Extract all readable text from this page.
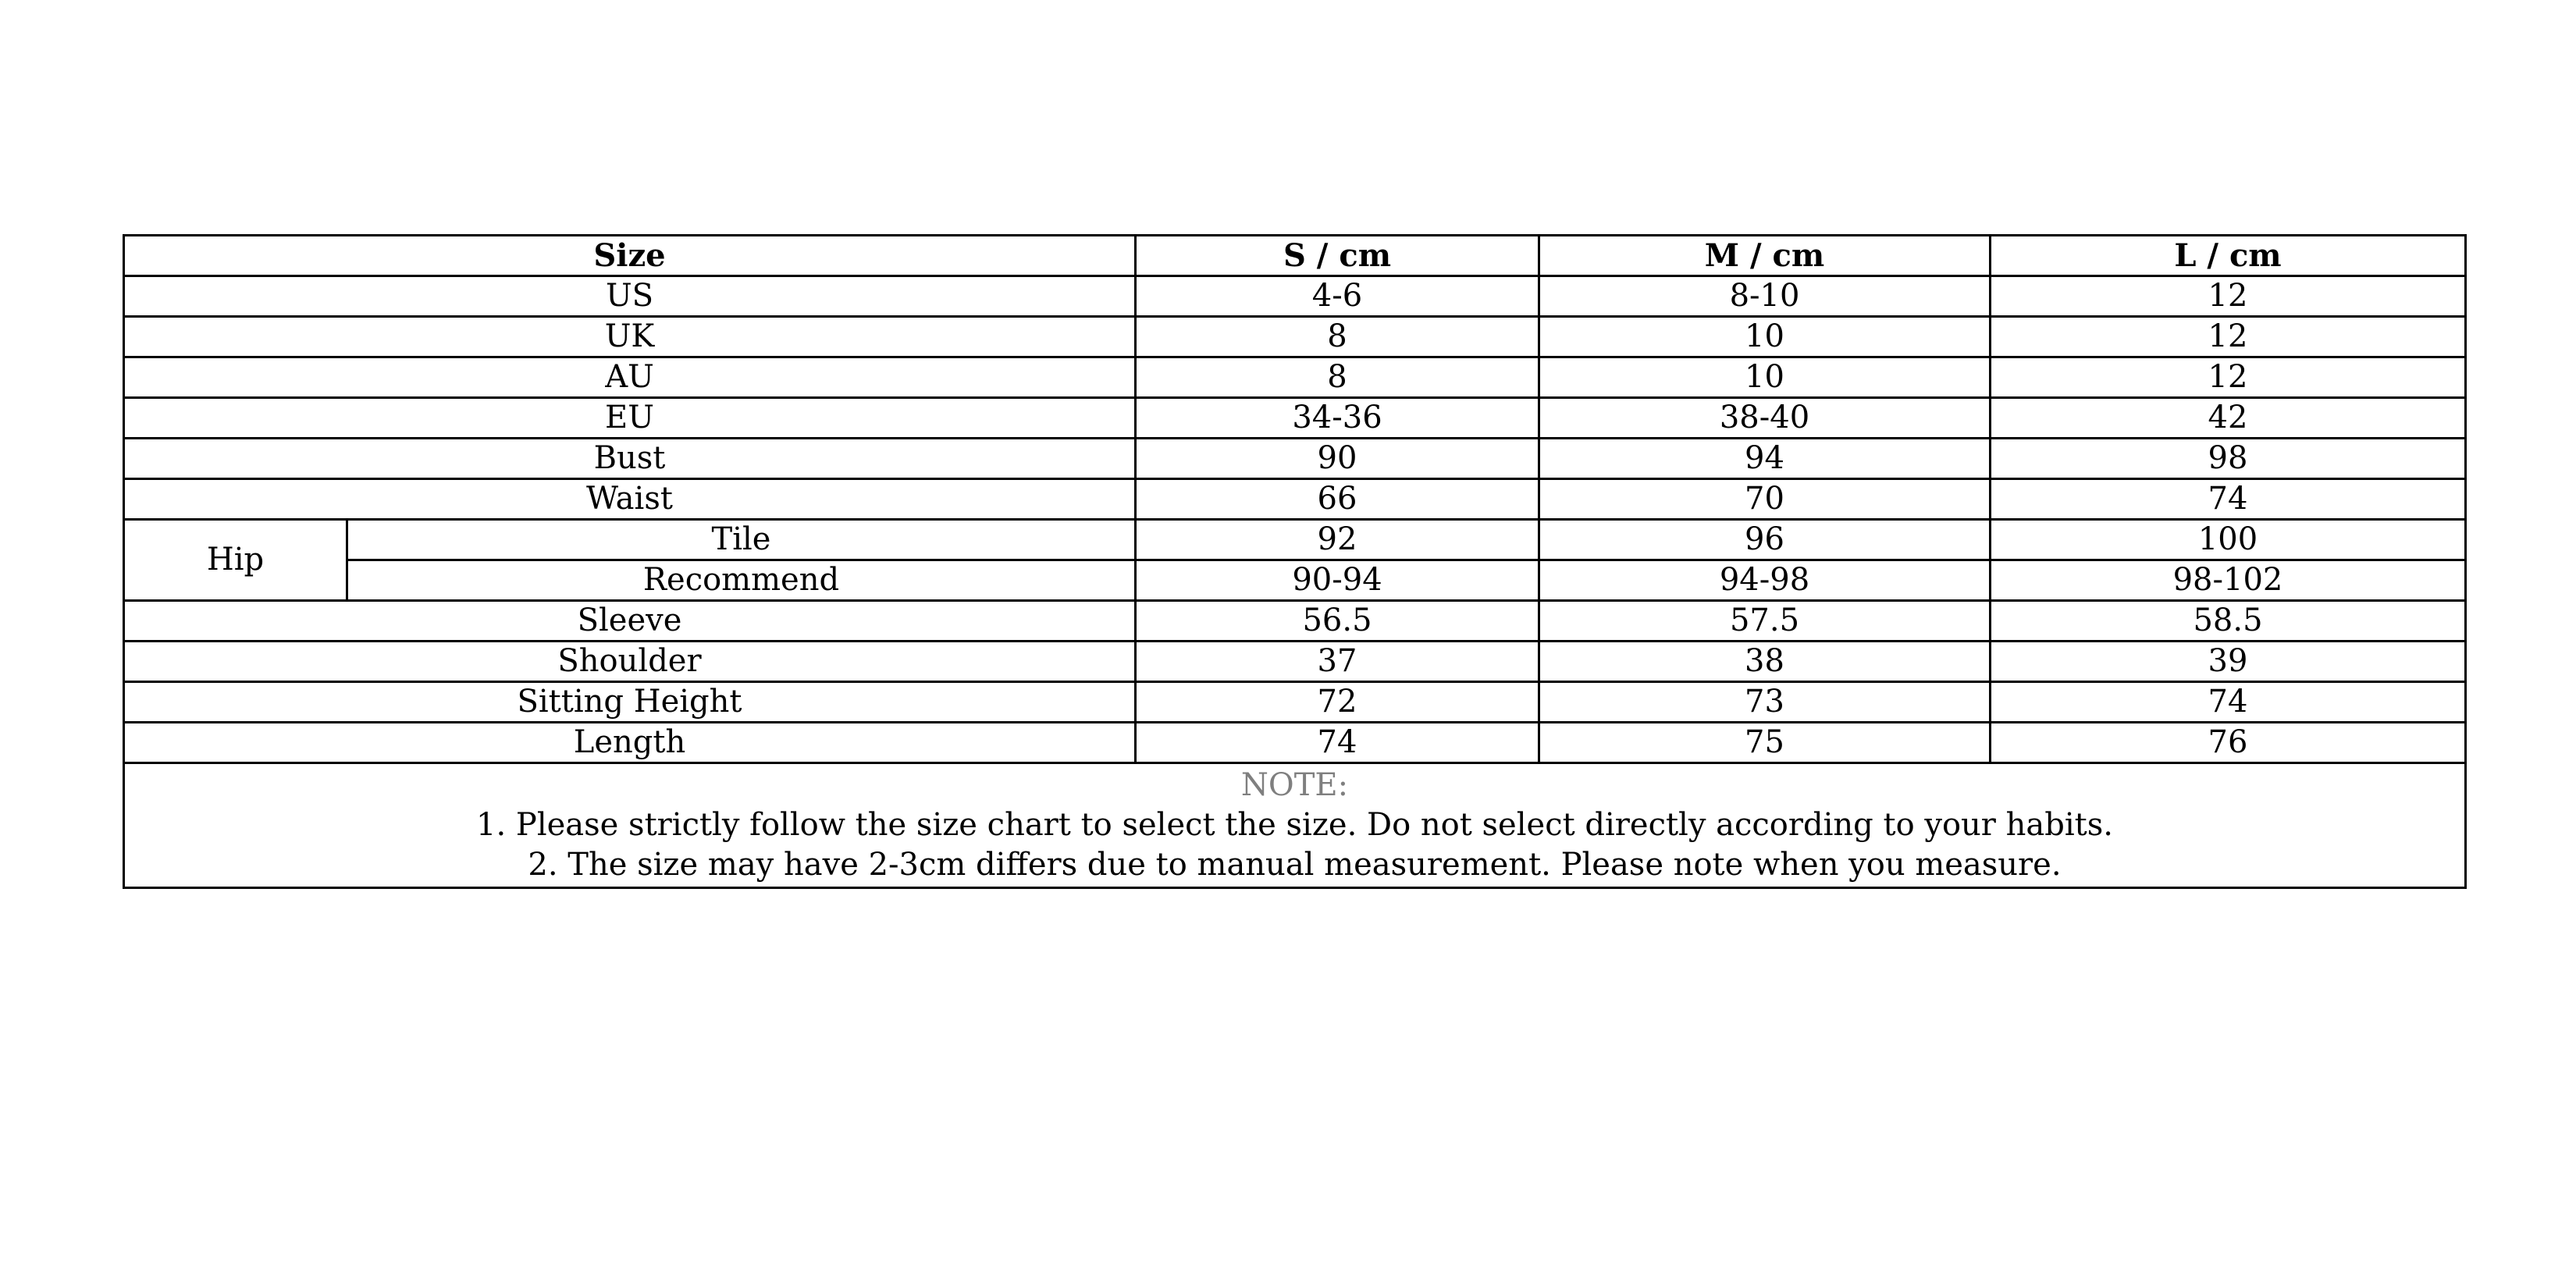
Size		S / cm	M / cm	L / cm
US		4-6	8-10	12
UK		8	10	12
AU		8	10	12
EU		34-36	38-40	42
Bust		90	94	98
Waist		66	70	74
Hip	Tile	92	96	100
	Recommend	90-94	94-98	98-102
Sleeve		56.5	57.5	58.5
Shoulder		37	38	39
Sitting Height		72	73	74
Length		74	75	76

NOTE:
1. Please strictly follow the size chart to select the size. Do not select directly according to your habits.
2. The size may have 2-3cm differs due to manual measurement. Please note when you measure.				
